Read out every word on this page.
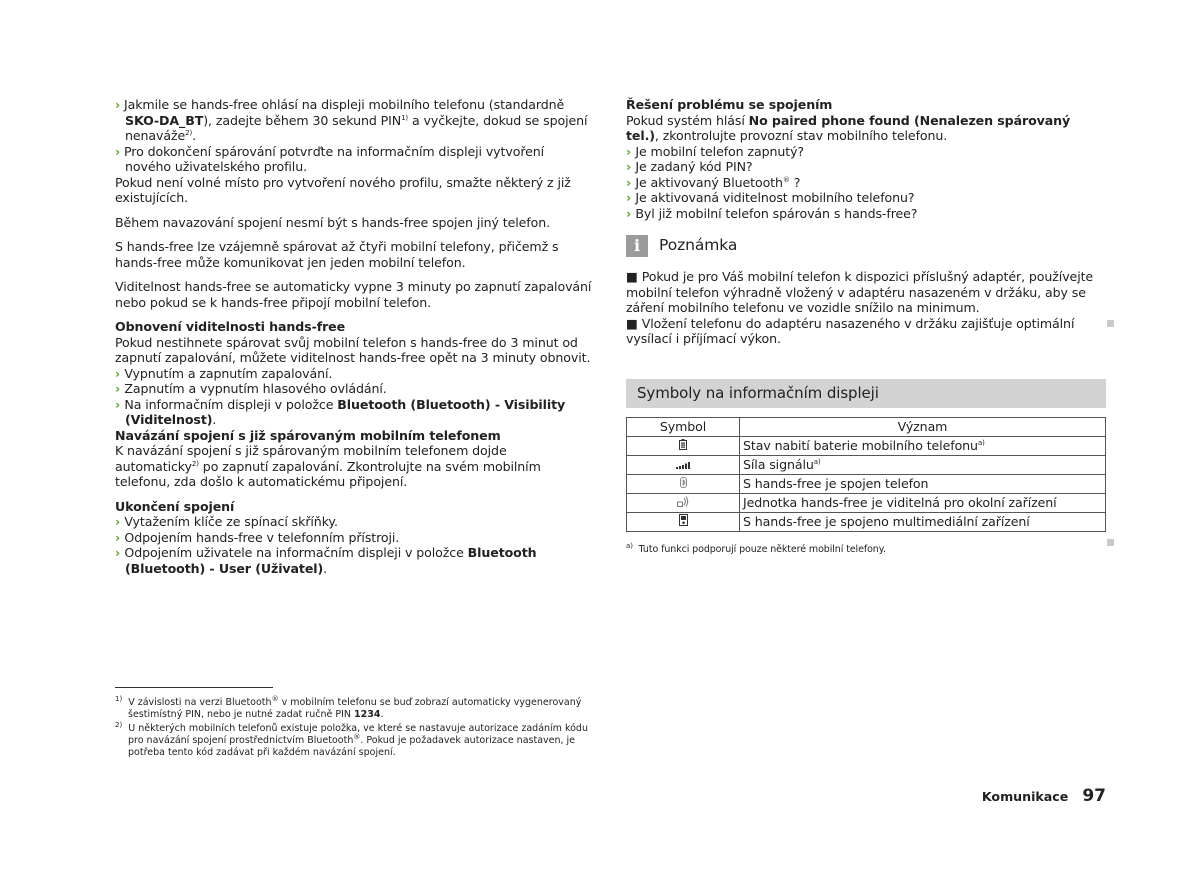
› Jakmile se hands-free ohlásí na displeji mobilního telefonu (standardně SKO-DA_BT), zadejte během 30 sekund PIN$^{1)}$ a vyčkejte, dokud se spojení nenaváže$^{2)}$.
› Pro dokončení spárování potvrďte na informačním displeji vytvoření nového uživatelského profilu.
Pokud není volné místo pro vytvoření nového profilu, smažte některý z již existujících.
Během navazování spojení nesmí být s hands-free spojen jiný telefon.
S hands-free lze vzájemně spárovat až čtyři mobilní telefony, přičemž s hands-free může komunikovat jen jeden mobilní telefon.
Viditelnost hands-free se automaticky vypne 3 minuty po zapnutí zapalování nebo pokud se k hands-free připojí mobilní telefon.
Obnovení viditelnosti hands-free
Pokud nestihnete spárovat svůj mobilní telefon s hands-free do 3 minut od zapnutí zapalování, můžete viditelnost hands-free opět na 3 minuty obnovit.
› Vypnutím a zapnutím zapalování.
› Zapnutím a vypnutím hlasového ovládání.
› Na informačním displeji v položce Bluetooth (Bluetooth) - Visibility (Viditelnost).
Navázání spojení s již spárovaným mobilním telefonem
K navázání spojení s již spárovaným mobilním telefonem dojde automaticky$^{2)}$ po zapnutí zapalování. Zkontrolujte na svém mobilním telefonu, zda došlo k automatickému připojení.
Ukončení spojení
› Vytažením klíče ze spínací skříňky.
› Odpojením hands-free v telefonním přístroji.
› Odpojením uživatele na informačním displeji v položce Bluetooth (Bluetooth) - User (Uživatel).
Řešení problému se spojením
Pokud systém hlásí No paired phone found (Nenalezen spárovaný tel.), zkontrolujte provozní stav mobilního telefonu.
› Je mobilní telefon zapnutý?
› Je zadaný kód PIN?
› Je aktivovaný Bluetooth® ?
› Je aktivovaná viditelnost mobilního telefonu?
› Byl již mobilní telefon spárován s hands-free?
i	Poznámka
■ Pokud je pro Váš mobilní telefon k dispozici příslušný adaptér, používejte mobilní telefon výhradně vložený v adaptéru nasazeném v držáku, aby se záření mobilního telefonu ve vozidle snížilo na minimum.
■ Vložení telefonu do adaptéru nasazeného v držáku zajišťuje optimální vysílací i příjímací výkon.
Symboly na informačním displeji
Symbol	Význam
	Stav nabití baterie mobilního telefonu$^{a)}$
	Síla signálu$^{a)}$
	S hands-free je spojen telefon
	Jednotka hands-free je viditelná pro okolní zařízení
	S hands-free je spojeno multimediální zařízení
$^{a)}$ Tuto funkci podporují pouze některé mobilní telefony.
$^{1)}$ V závislosti na verzi Bluetooth® v mobilním telefonu se buď zobrazí automaticky vygenerovaný šestimístný PIN, nebo je nutné zadat ručně PIN 1234.
$^{2)}$ U některých mobilních telefonů existuje položka, ve které se nastavuje autorizace zadáním kódu pro navázání spojení prostřednictvím Bluetooth®. Pokud je požadavek autorizace nastaven, je potřeba tento kód zadávat při každém navázání spojení.
Komunikace 97
